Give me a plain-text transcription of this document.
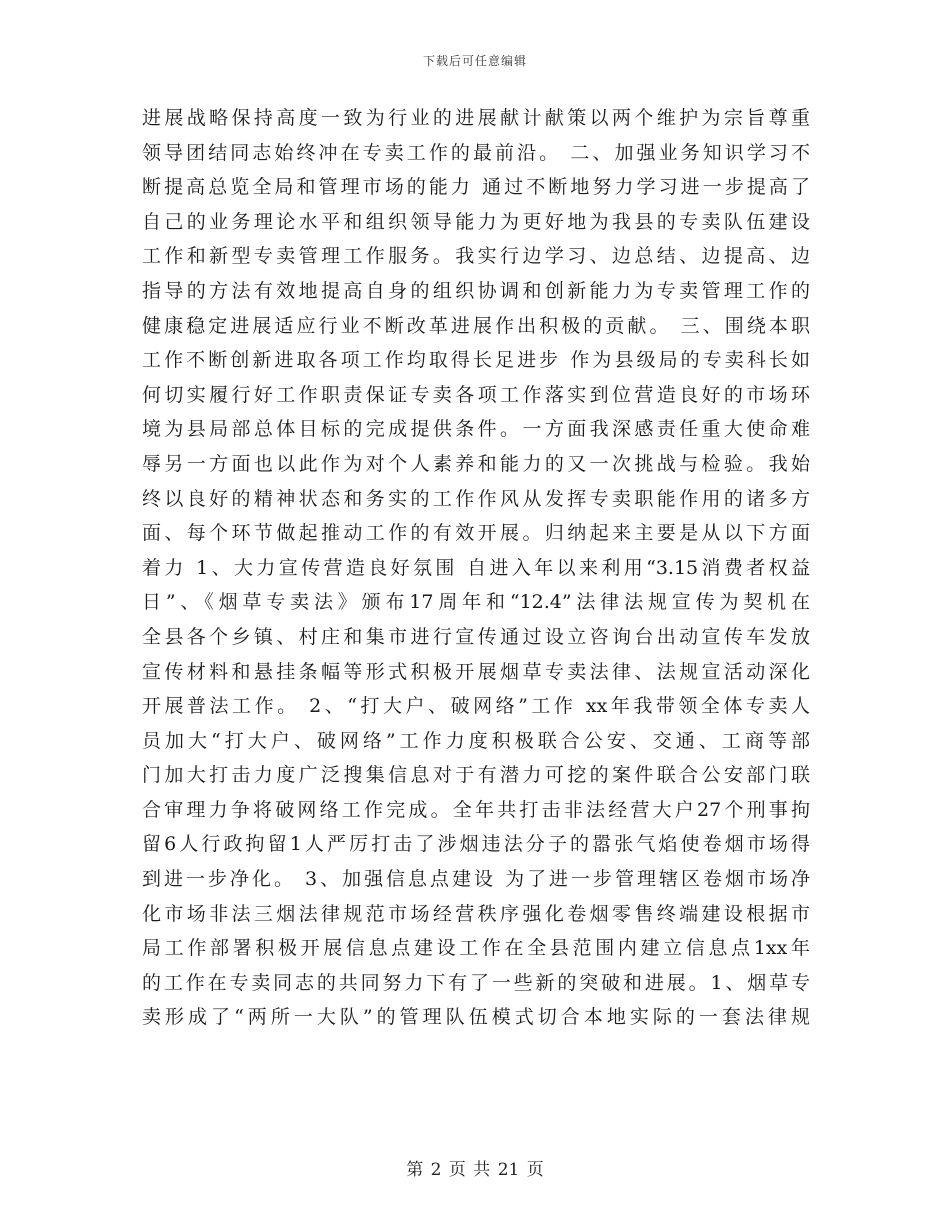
下载后可任意编辑
进展战略保持高度一致为行业的进展献计献策以两个维护为宗旨尊重
领导团结同志始终冲在专卖工作的最前沿。 二、加强业务知识学习不
断提高总览全局和管理市场的能力 通过不断地努力学习进一步提高了
自己的业务理论水平和组织领导能力为更好地为我县的专卖队伍建设
工作和新型专卖管理工作服务。我实行边学习、边总结、边提高、边
指导的方法有效地提高自身的组织协调和创新能力为专卖管理工作的
健康稳定进展适应行业不断改革进展作出积极的贡献。 三、围绕本职
工作不断创新进取各项工作均取得长足进步 作为县级局的专卖科长如
何切实履行好工作职责保证专卖各项工作落实到位营造良好的市场环
境为县局部总体目标的完成提供条件。一方面我深感责任重大使命难
辱另一方面也以此作为对个人素养和能力的又一次挑战与检验。我始
终以良好的精神状态和务实的工作作风从发挥专卖职能作用的诸多方
面、每个环节做起推动工作的有效开展。归纳起来主要是从以下方面
着力 1、大力宣传营造良好氛围 自进入年以来利用“3.15消费者权益
日”、《烟草专卖法》颁布17周年和“12.4”法律法规宣传为契机在
全县各个乡镇、村庄和集市进行宣传通过设立咨询台出动宣传车发放
宣传材料和悬挂条幅等形式积极开展烟草专卖法律、法规宣活动深化
开展普法工作。 2、“打大户、破网络”工作 xx年我带领全体专卖人
员加大“打大户、破网络”工作力度积极联合公安、交通、工商等部
门加大打击力度广泛搜集信息对于有潜力可挖的案件联合公安部门联
合审理力争将破网络工作完成。全年共打击非法经营大户27个刑事拘
留6人行政拘留1人严厉打击了涉烟违法分子的嚣张气焰使卷烟市场得
到进一步净化。 3、加强信息点建设 为了进一步管理辖区卷烟市场净
化市场非法三烟法律规范市场经营秩序强化卷烟零售终端建设根据市
局工作部署积极开展信息点建设工作在全县范围内建立信息点1xx年
的工作在专卖同志的共同努力下有了一些新的突破和进展。1、烟草专
卖形成了“两所一大队”的管理队伍模式切合本地实际的一套法律规
第 2 页 共 21 页
